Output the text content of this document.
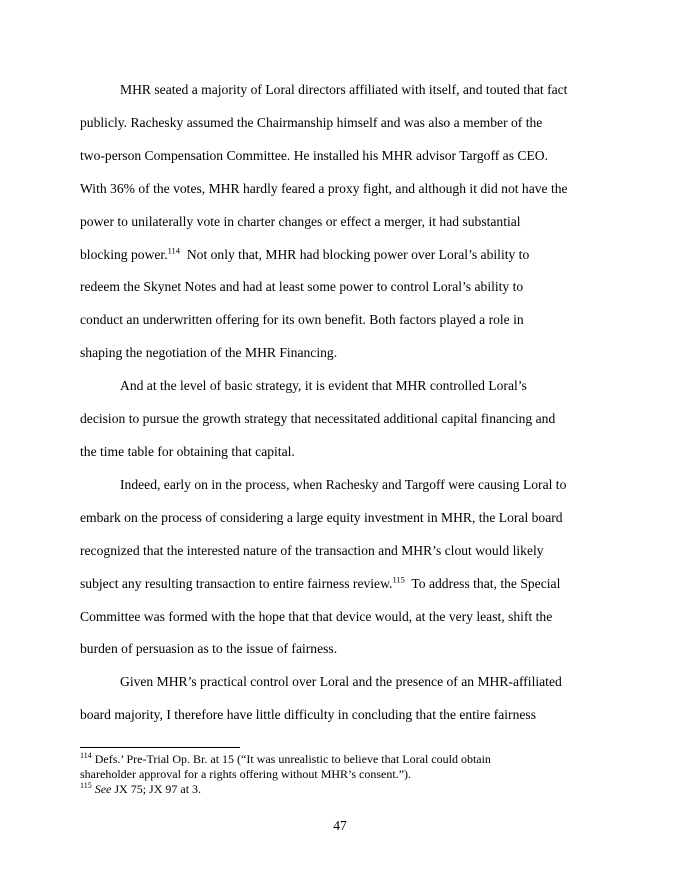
MHR seated a majority of Loral directors affiliated with itself, and touted that fact
publicly. Rachesky assumed the Chairmanship himself and was also a member of the
two-person Compensation Committee. He installed his MHR advisor Targoff as CEO.
With 36% of the votes, MHR hardly feared a proxy fight, and although it did not have the
power to unilaterally vote in charter changes or effect a merger, it had substantial
blocking power.$^{114}$  Not only that, MHR had blocking power over Loral’s ability to
redeem the Skynet Notes and had at least some power to control Loral’s ability to
conduct an underwritten offering for its own benefit. Both factors played a role in
shaping the negotiation of the MHR Financing.

And at the level of basic strategy, it is evident that MHR controlled Loral’s
decision to pursue the growth strategy that necessitated additional capital financing and
the time table for obtaining that capital.

Indeed, early on in the process, when Rachesky and Targoff were causing Loral to
embark on the process of considering a large equity investment in MHR, the Loral board
recognized that the interested nature of the transaction and MHR’s clout would likely
subject any resulting transaction to entire fairness review.$^{115}$  To address that, the Special
Committee was formed with the hope that that device would, at the very least, shift the
burden of persuasion as to the issue of fairness.

Given MHR’s practical control over Loral and the presence of an MHR-affiliated
board majority, I therefore have little difficulty in concluding that the entire fairness

$^{114}$ Defs.’ Pre-Trial Op. Br. at 15 (“It was unrealistic to believe that Loral could obtain

shareholder approval for a rights offering without MHR’s consent.”).

$^{115}$ See JX 75; JX 97 at 3.

47
